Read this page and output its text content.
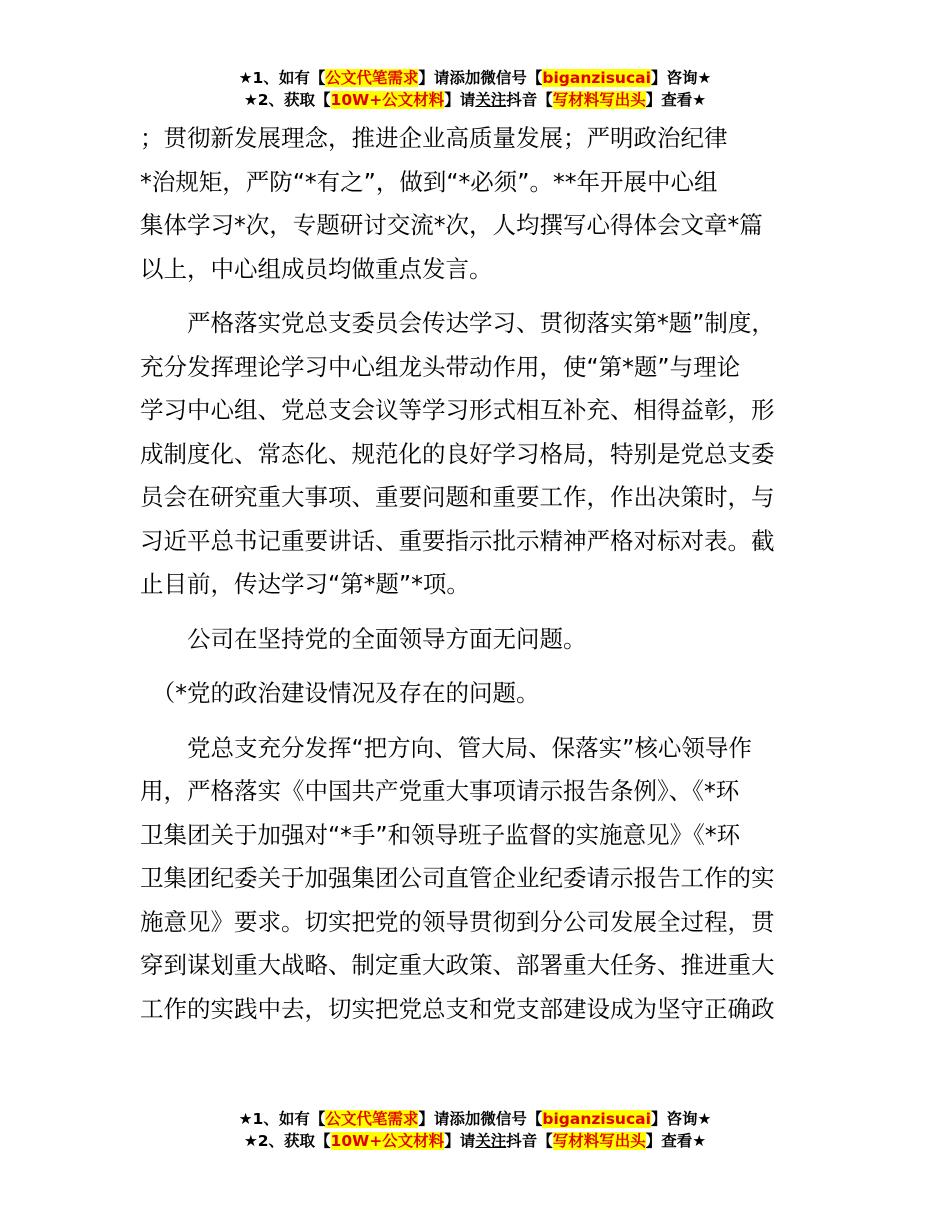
★1、如有【公文代笔需求】请添加微信号【biganzisucai】咨询★
★2、获取【10W+公文材料】请关注抖音【写材料写出头】查看★

；贯彻新发展理念，推进企业高质量发展；严明政治纪律

*治规矩，严防“*有之”，做到“*必须”。**年开展中心组

集体学习*次，专题研讨交流*次，人均撰写心得体会文章*篇

以上，中心组成员均做重点发言。

　　严格落实党总支委员会传达学习、贯彻落实第*题”制度，

充分发挥理论学习中心组龙头带动作用，使“第*题”与理论

学习中心组、党总支会议等学习形式相互补充、相得益彰，形

成制度化、常态化、规范化的良好学习格局，特别是党总支委

员会在研究重大事项、重要问题和重要工作，作出决策时，与

习近平总书记重要讲话、重要指示批示精神严格对标对表。截

止目前，传达学习“第*题”*项。

　　公司在坚持党的全面领导方面无问题。

　（*党的政治建设情况及存在的问题。

　　党总支充分发挥“把方向、管大局、保落实”核心领导作

用，严格落实《中国共产党重大事项请示报告条例》、《*环

卫集团关于加强对“*手”和领导班子监督的实施意见》《*环

卫集团纪委关于加强集团公司直管企业纪委请示报告工作的实

施意见》要求。切实把党的领导贯彻到分公司发展全过程，贯

穿到谋划重大战略、制定重大政策、部署重大任务、推进重大

工作的实践中去，切实把党总支和党支部建设成为坚守正确政

★1、如有【公文代笔需求】请添加微信号【biganzisucai】咨询★
★2、获取【10W+公文材料】请关注抖音【写材料写出头】查看★
